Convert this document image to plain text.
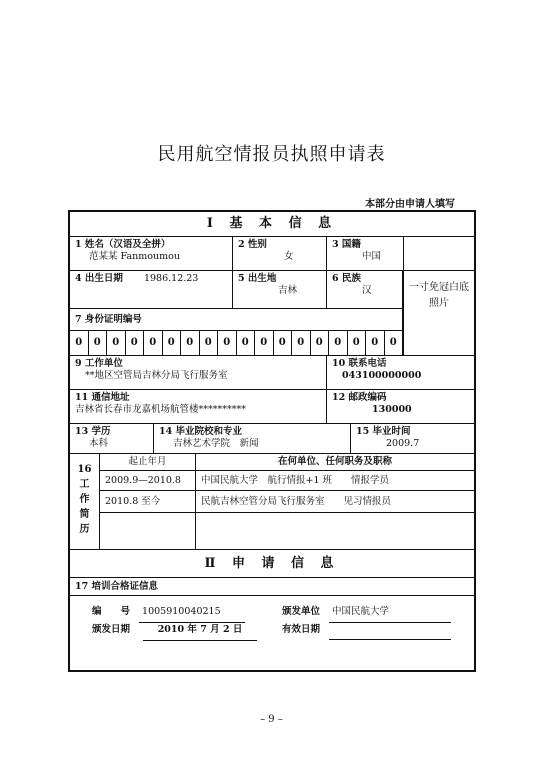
民用航空情报员执照申请表
本部分由申请人填写
Ⅰ 基 本 信 息
1 姓名（汉语及全拼）
范某某 Fanmoumou
2 性别
女
3 国籍
中国
4 出生日期 1986.12.23	5 出生地
吉林
6 民族
汉
7 身份证明编号
0	0	0	0	0	0	0	0	0	0	0	0	0	0	0	0	0	0
一寸免冠白底照片
9 工作单位
**地区空管局吉林分局飞行服务室
10 联系电话
043100000000
11 通信地址
吉林省长春市龙嘉机场航管楼**********
12 邮政编码
130000
13 学历
本科
14 毕业院校和专业
吉林艺术学院　新闻
15 毕业时间
2009.7
16
工
作
简
历
起止年月	在何单位、任何职务及职称
2009.9—2010.8	中国民航大学　航行情报+1 班　　情报学员
2010.8 至今	民航吉林空管分局飞行服务室　　见习情报员
Ⅱ 申 请 信 息
17 培训合格证信息
编　　号 1005910040215	颁发单位 中国民航大学
颁发日期	2010 年 7 月 2 日	有效日期
– 9 –
